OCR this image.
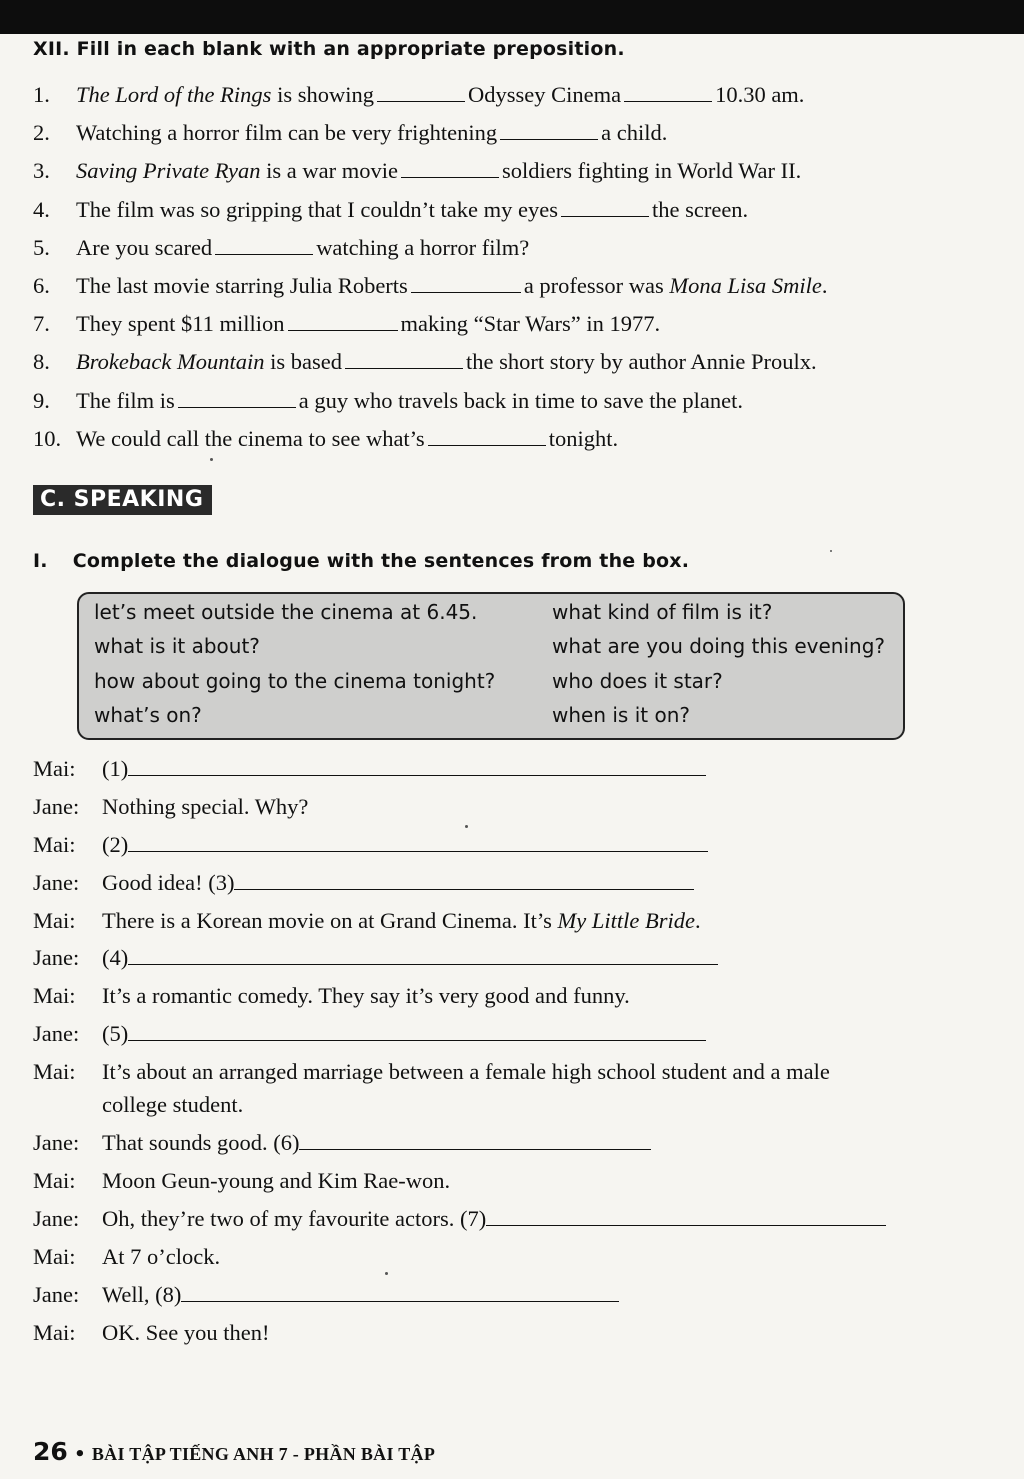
XII. Fill in each blank with an appropriate preposition.
1.	The Lord of the Rings is showing	Odyssey Cinema	10.30 am.
2.	Watching a horror film can be very frightening	a child.
3.	Saving Private Ryan is a war movie	soldiers fighting in World War II.
4.	The film was so gripping that I couldn’t take my eyes	the screen.
5.	Are you scared	watching a horror film?
6.	The last movie starring Julia Roberts	a professor was Mona Lisa Smile.
7.	They spent $11 million	making “Star Wars” in 1977.
8.	Brokeback Mountain is based	the short story by author Annie Proulx.
9.	The film is	a guy who travels back in time to save the planet.
10. We could call the cinema to see what’s	tonight.
C. SPEAKING
I. Complete the dialogue with the sentences from the box.
let’s meet outside the cinema at 6.45.
what is it about?
how about going to the cinema tonight?
what’s on?
what kind of film is it?
what are you doing this evening?
who does it star?
when is it on?
Mai: (1)
Jane: Nothing special. Why?
Mai: (2)
Jane: Good idea! (3)
Mai: There is a Korean movie on at Grand Cinema. It’s My Little Bride.
Jane: (4)
Mai: It’s a romantic comedy. They say it’s very good and funny.
Jane: (5)
Mai: It’s about an arranged marriage between a female high school student and a male
college student.
Jane: That sounds good. (6)
Mai: Moon Geun-young and Kim Rae-won.
Jane: Oh, they’re two of my favourite actors. (7)
Mai: At 7 o’clock.
Jane: Well, (8)
Mai: OK. See you then!
26 • BÀI TẬP TIẾNG ANH 7 - PHẦN BÀI TẬP
